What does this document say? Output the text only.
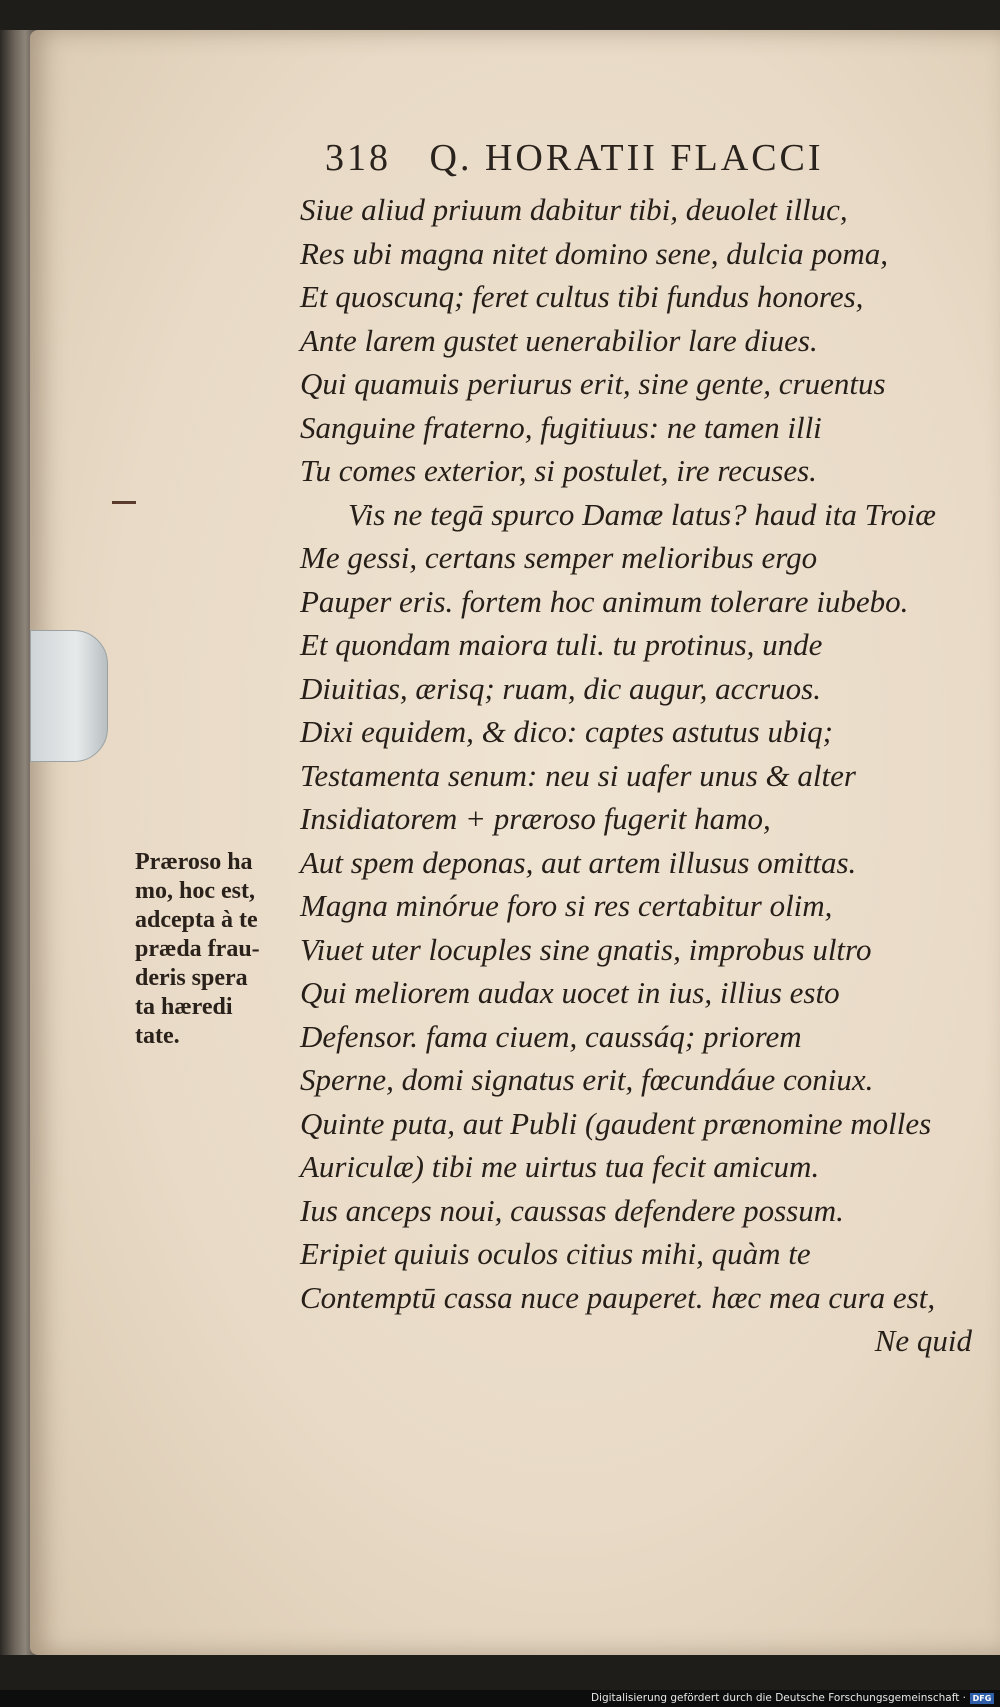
318 Q. HORATII FLACCI
Siue aliud priuum dabitur tibi, deuolet illuc,
Res ubi magna nitet domino sene, dulcia poma,
Et quoscunq; feret cultus tibi fundus honores,
Ante larem gustet uenerabilior lare diues.
Qui quamuis periurus erit, sine gente, cruentus
Sanguine fraterno, fugitiuus: ne tamen illi
Tu comes exterior, si postulet, ire recuses.
Vis ne tegā spurco Damæ latus? haud ita Troiæ
Me gessi, certans semper melioribus ergo
Pauper eris. fortem hoc animum tolerare iubebo.
Et quondam maiora tuli. tu protinus, unde
Diuitias, ærisq; ruam, dic augur, accruos.
Dixi equidem, & dico: captes astutus ubiq;
Testamenta senum: neu si uafer unus & alter
Insidiatorem + præroso fugerit hamo,
Aut spem deponas, aut artem illusus omittas.
Magna minórue foro si res certabitur olim,
Viuet uter locuples sine gnatis, improbus ultro
Qui meliorem audax uocet in ius, illius esto
Defensor. fama ciuem, caussáq; priorem
Sperne, domi signatus erit, fœcundáue coniux.
Quinte puta, aut Publi (gaudent prænomine molles
Auriculæ) tibi me uirtus tua fecit amicum.
Ius anceps noui, caussas defendere possum.
Eripiet quiuis oculos citius mihi, quàm te
Contemptū cassa nuce pauperet. hæc mea cura est,
Ne quid
Præroso ha
mo, hoc est,
adcepta à te
præda frau-
deris spera
ta hæredi
tate.
Digitalisierung gefördert durch die Deutsche Forschungsgemeinschaft · DFG
